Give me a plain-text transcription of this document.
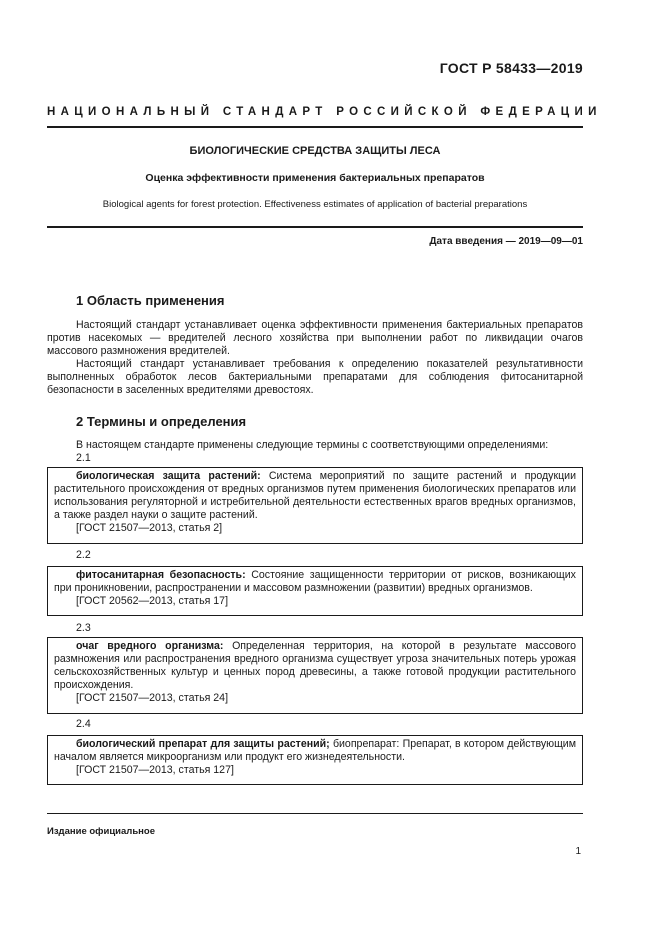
ГОСТ Р 58433—2019
НАЦИОНАЛЬНЫЙ СТАНДАРТ РОССИЙСКОЙ ФЕДЕРАЦИИ
БИОЛОГИЧЕСКИЕ СРЕДСТВА ЗАЩИТЫ ЛЕСА
Оценка эффективности применения бактериальных препаратов
Biological agents for forest protection. Effectiveness estimates of application of bacterial preparations
Дата введения — 2019—09—01
1 Область применения
Настоящий стандарт устанавливает оценка эффективности применения бактериальных препаратов против насекомых — вредителей лесного хозяйства при выполнении работ по ликвидации очагов массового размножения вредителей.
Настоящий стандарт устанавливает требования к определению показателей результативности выполненных обработок лесов бактериальными препаратами для соблюдения фитосанитарной безопасности в заселенных вредителями древостоях.
2 Термины и определения
В настоящем стандарте применены следующие термины с соответствующими определениями:
2.1
биологическая защита растений: Система мероприятий по защите растений и продукции растительного происхождения от вредных организмов путем применения биологических препаратов или использования регуляторной и истребительной деятельности естественных врагов вредных организмов, а также раздел науки о защите растений.
[ГОСТ 21507—2013, статья 2]
2.2
фитосанитарная безопасность: Состояние защищенности территории от рисков, возникающих при проникновении, распространении и массовом размножении (развитии) вредных организмов.
[ГОСТ 20562—2013, статья 17]
2.3
очаг вредного организма: Определенная территория, на которой в результате массового размножения или распространения вредного организма существует угроза значительных потерь урожая сельскохозяйственных культур и ценных пород древесины, а также готовой продукции растительного происхождения.
[ГОСТ 21507—2013, статья 24]
2.4
биологический препарат для защиты растений; биопрепарат: Препарат, в котором действующим началом является микроорганизм или продукт его жизнедеятельности.
[ГОСТ 21507—2013, статья 127]
Издание официальное
1
